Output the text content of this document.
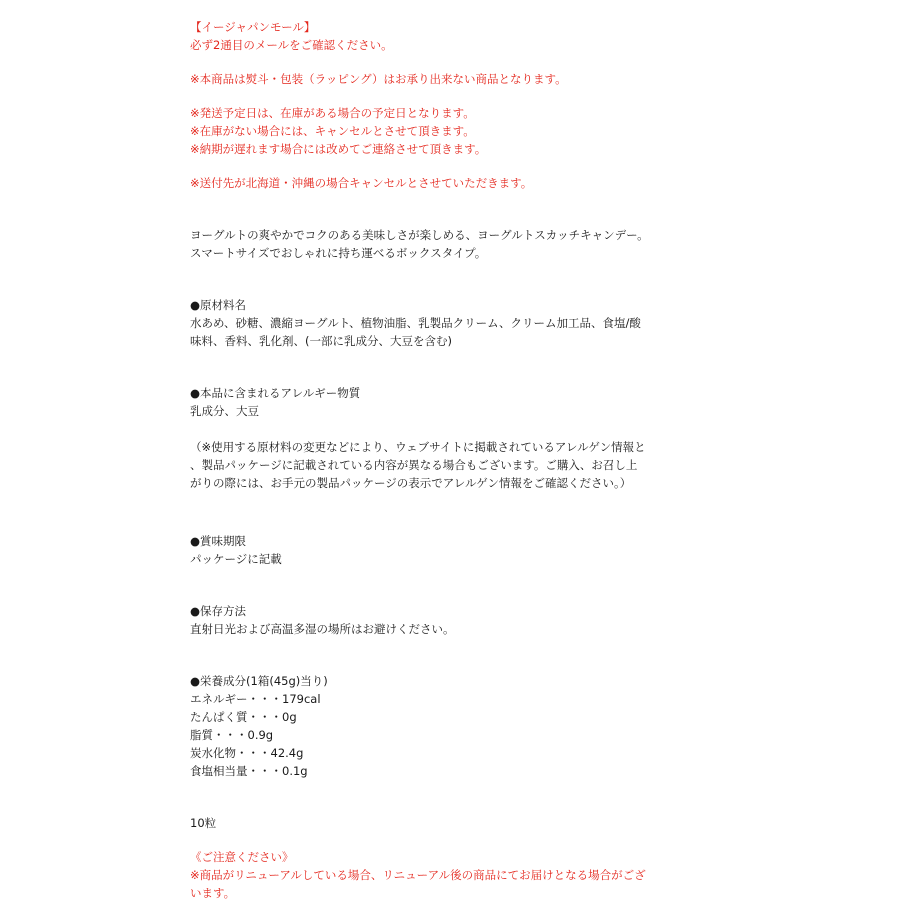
【イージャパンモール】
必ず2通目のメールをご確認ください。
※本商品は熨斗・包装（ラッピング）はお承り出来ない商品となります。
※発送予定日は、在庫がある場合の予定日となります。
※在庫がない場合には、キャンセルとさせて頂きます。
※納期が遅れます場合には改めてご連絡させて頂きます。
※送付先が北海道・沖縄の場合キャンセルとさせていただきます。
ヨーグルトの爽やかでコクのある美味しさが楽しめる、ヨーグルトスカッチキャンデー。
スマートサイズでおしゃれに持ち運べるボックスタイプ。
●原材料名
水あめ、砂糖、濃縮ヨーグルト、植物油脂、乳製品クリーム、クリーム加工品、食塩/酸
味料、香料、乳化剤、(一部に乳成分、大豆を含む)
●本品に含まれるアレルギー物質
乳成分、大豆
（※使用する原材料の変更などにより、ウェブサイトに掲載されているアレルゲン情報と
、製品パッケージに記載されている内容が異なる場合もございます。ご購入、お召し上
がりの際には、お手元の製品パッケージの表示でアレルゲン情報をご確認ください。）
●賞味期限
パッケージに記載
●保存方法
直射日光および高温多湿の場所はお避けください。
●栄養成分(1箱(45g)当り)
エネルギー・・・179cal
たんぱく質・・・0g
脂質・・・0.9g
炭水化物・・・42.4g
食塩相当量・・・0.1g
10粒
《ご注意ください》
※商品がリニューアルしている場合、リニューアル後の商品にてお届けとなる場合がござ
います。
